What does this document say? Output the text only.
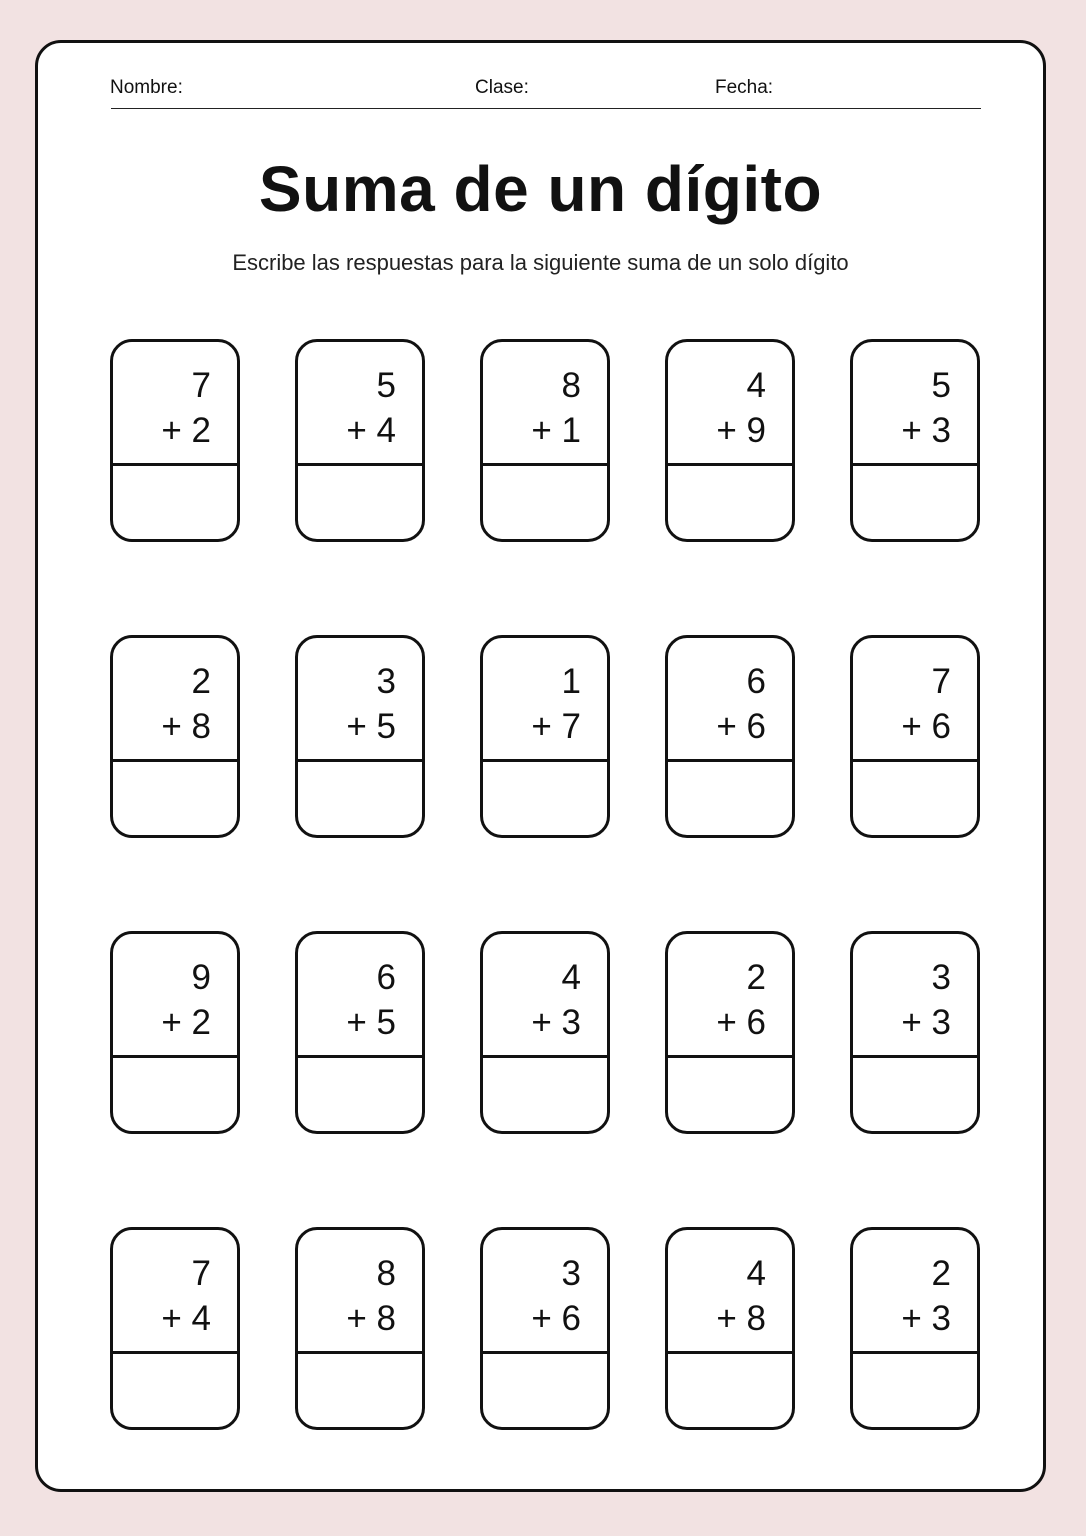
Nombre:	Clase:	Fecha:
Suma de un dígito
Escribe las respuestas para la siguiente suma de un solo dígito
7
+ 2
5
+ 4
8
+ 1
4
+ 9
5
+ 3
2
+ 8
3
+ 5
1
+ 7
6
+ 6
7
+ 6
9
+ 2
6
+ 5
4
+ 3
2
+ 6
3
+ 3
7
+ 4
8
+ 8
3
+ 6
4
+ 8
2
+ 3
